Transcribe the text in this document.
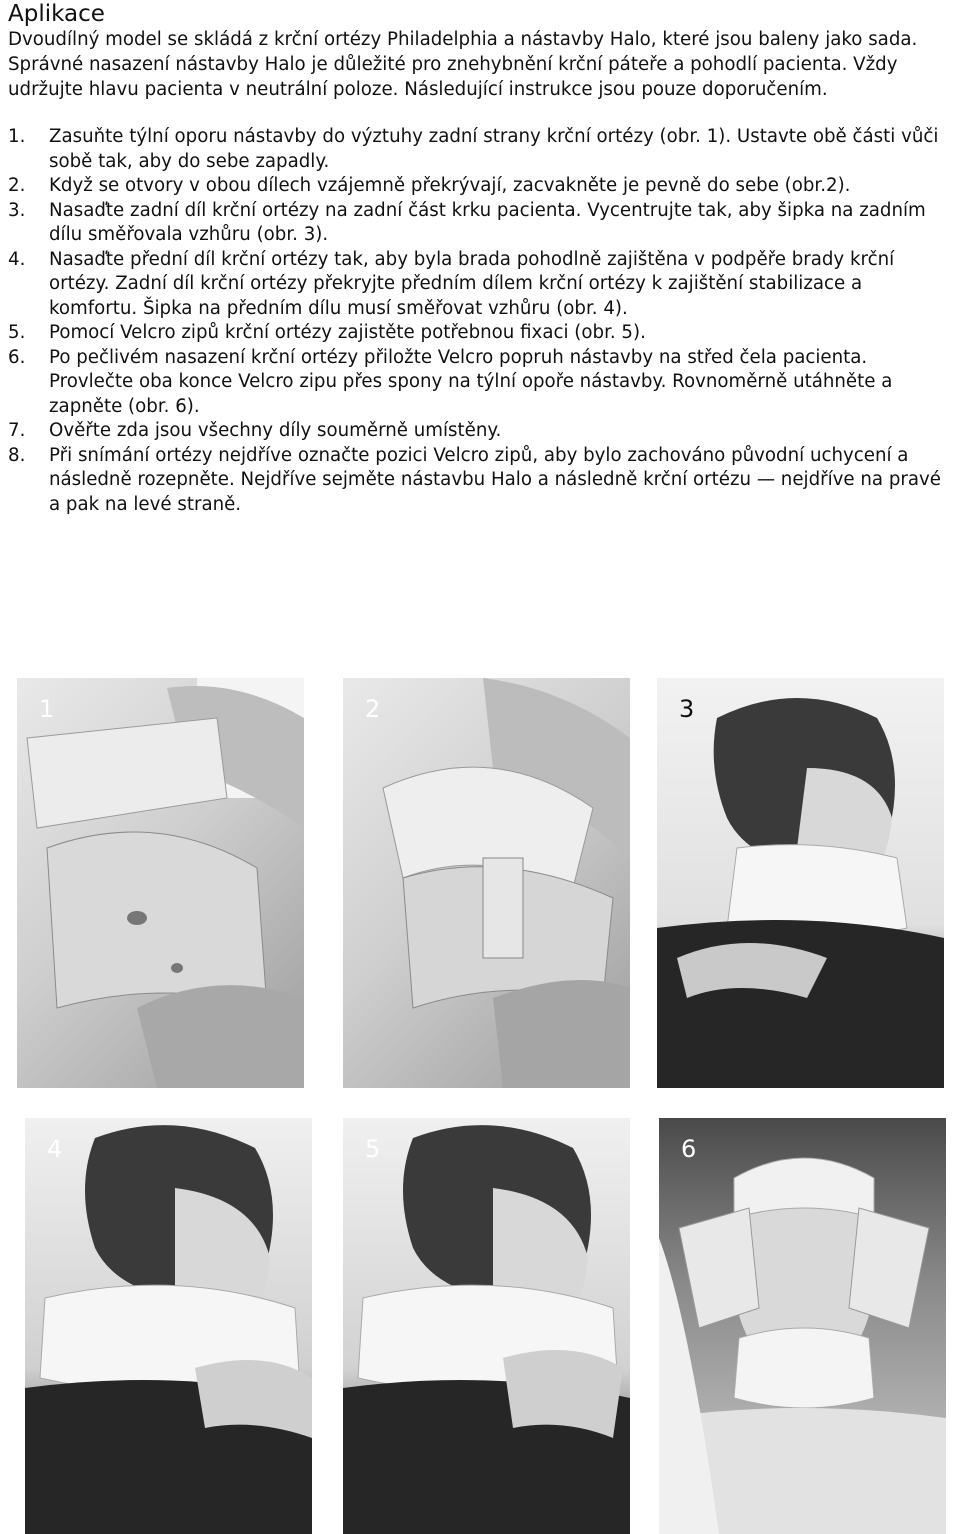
Aplikace

Dvoudílný model se skládá z krční ortézy Philadelphia a nástavby Halo, které jsou baleny jako sada. Správné nasazení nástavby Halo je důležité pro znehybnění krční páteře a pohodlí pacienta. Vždy udržujte hlavu pacienta v neutrální poloze. Následující instrukce jsou pouze doporučením.

1. Zasuňte týlní oporu nástavby do výztuhy zadní strany krční ortézy (obr. 1). Ustavte obě části vůči sobě tak, aby do sebe zapadly.
2. Když se otvory v obou dílech vzájemně překrývají, zacvakněte je pevně do sebe (obr.2).
3. Nasaďte zadní díl krční ortézy na zadní část krku pacienta. Vycentrujte tak, aby šipka na zadním dílu směřovala vzhůru (obr. 3).
4. Nasaďte přední díl krční ortézy tak, aby byla brada pohodlně zajištěna v podpěře brady krční ortézy. Zadní díl krční ortézy překryjte předním dílem krční ortézy k zajištění stabilizace a komfortu. Šipka na předním dílu musí směřovat vzhůru (obr. 4).
5. Pomocí Velcro zipů krční ortézy zajistěte potřebnou fixaci (obr. 5).
6. Po pečlivém nasazení krční ortézy přiložte Velcro popruh nástavby na střed čela pacienta. Provlečte oba konce Velcro zipu přes spony na týlní opoře nástavby. Rovnoměrně utáhněte a zapněte (obr. 6).
7. Ověřte zda jsou všechny díly souměrně umístěny.
8. Při snímání ortézy nejdříve označte pozici Velcro zipů, aby bylo zachováno původní uchycení a následně rozepněte. Nejdříve sejměte nástavbu Halo a následně krční ortézu — nejdříve na pravé a pak na levé straně.
1	2	3
4	5	6
